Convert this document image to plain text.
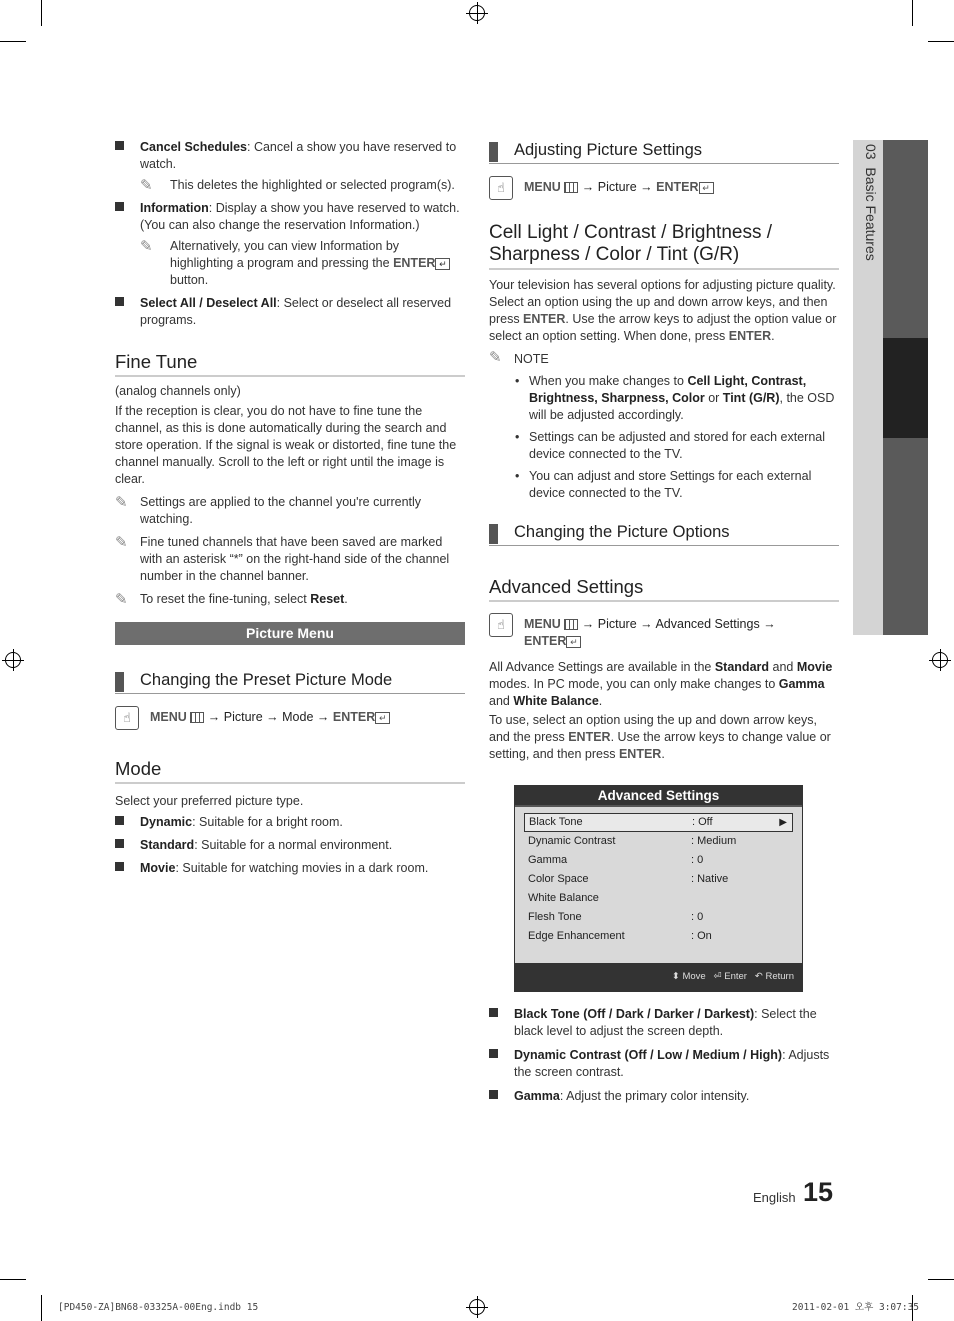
03  Basic Features
Cancel Schedules: Cancel a show you have reserved to watch.
✎ This deletes the highlighted or selected program(s).
Information: Display a show you have reserved to watch. (You can also change the reservation Information.)
✎ Alternatively, you can view Information by highlighting a program and pressing the ENTER ↵ button.
Select All / Deselect All: Select or deselect all reserved programs.
Fine Tune
(analog channels only)
If the reception is clear, you do not have to fine tune the channel, as this is done automatically during the search and store operation. If the signal is weak or distorted, fine tune the channel manually. Scroll to the left or right until the image is clear.
✎ Settings are applied to the channel you're currently watching.
✎ Fine tuned channels that have been saved are marked with an asterisk “*” on the right-hand side of the channel number in the channel banner.
✎ To reset the fine-tuning, select Reset.
Picture Menu
Changing the Preset Picture Mode
☝	MENU → Picture → Mode → ENTER ↵
Mode
Select your preferred picture type.
Dynamic: Suitable for a bright room.
Standard: Suitable for a normal environment.
Movie: Suitable for watching movies in a dark room.
Adjusting Picture Settings
☝	MENU → Picture → ENTER ↵
Cell Light / Contrast / Brightness /
Sharpness / Color / Tint (G/R)
Your television has several options for adjusting picture quality. Select an option using the up and down arrow keys, and then press ENTER. Use the arrow keys to adjust the option value or select an option setting. When done, press ENTER.
✎ NOTE
• When you make changes to Cell Light, Contrast, Brightness, Sharpness, Color or Tint (G/R), the OSD will be adjusted accordingly.
• Settings can be adjusted and stored for each external device connected to the TV.
• You can adjust and store Settings for each external device connected to the TV.
Changing the Picture Options
Advanced Settings
☝	MENU → Picture → Advanced Settings →
ENTER ↵
All Advance Settings are available in the Standard and Movie modes. In PC mode, you can only make changes to Gamma and White Balance.
To use, select an option using the up and down arrow keys, and the press ENTER. Use the arrow keys to change value or setting, and then press ENTER.
Advanced Settings
Black Tone	: Off	▶
Dynamic Contrast	: Medium
Gamma	: 0
Color Space	: Native
White Balance
Flesh Tone	: 0
Edge Enhancement	: On
⬍ Move ⏎ Enter ↶ Return
Black Tone (Off / Dark / Darker / Darkest): Select the black level to adjust the screen depth.
Dynamic Contrast (Off / Low / Medium / High): Adjusts the screen contrast.
Gamma: Adjust the primary color intensity.
English 15
[PD450-ZA]BN68-03325A-00Eng.indb 15	2011-02-01 오후 3:07:35
